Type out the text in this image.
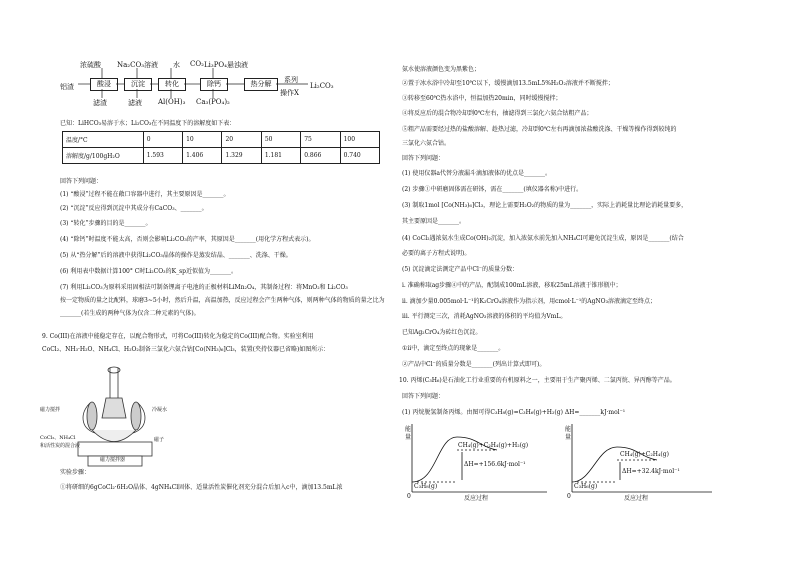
浓硫酸 Na₂CO₃溶液 水 CO₂ Li₃PO₄悬浊液
铝渣	酸浸	沉淀	转化	除钙	热分解	系列
操作X
Li₂CO₃
滤渣	滤液 Al(OH)₃ Ca₃(PO₄)₂
已知：LiHCO₃易溶于水；Li₂CO₃在不同温度下的溶解度如下表：
温度/°C	0	10	20	50	75	100
溶解度/g/100gH₂O	1.593	1.406	1.329	1.181	0.866	0.740
回答下列问题：
(1) “酸浸”过程不能在敞口容器中进行，其主要原因是_______。
(2) “沉淀”反应得到沉淀中其成分有CaCO₃、_______。
(3) “转化”步骤的目的是_______。
(4) “除钙”时温度不能太高，否则会影响Li₂CO₃的产率，其原因是_______(用化学方程式表示)。
(5) 从“热分解”后的溶液中获得Li₂CO₃晶体的操作是蒸发结晶、_______、洗涤、干燥。
(6) 利用表中数据计算100° C时Li₂CO₃的K_sp近似值为_______。
(7) 利用Li₂CO₃为原料采用固相法可制备锂离子电池的正极材料LiMn₂O₄，其制备过程：将MnO₂和 Li₂CO₃
按一定物质的量之比配料，球磨3~5小时，然后升温，高温加热，反应过程会产生两种气体，则两种气体的物质的量之比为
_______(若生成的两种气体为仅含二种元素的气体)。
9. Co(III)在溶液中能稳定存在，以配合物形式，可将Co(III)转化为稳定的Co(III)配合物。实验室利用
CoCl₂、NH₃·H₂O、NH₄Cl、H₂O₂制备三氯化六氨合钴[Co(NH₃)₆]Cl₃，装置(夹持仪器已省略)如图所示：
磁力搅拌	冷凝水
磁子
CoCl₂、NH₄Cl
和活性炭的混合液
磁力搅拌器
实验步骤：
①将研细的6gCoCl₂·6H₂O晶体、4gNH₄Cl固体、适量活性炭催化剂充分混合后加入c中，滴加13.5mL浓
氨水使溶液颜色变为黑紫色；
②置于冰水浴中冷却至10℃以下，缓慢滴加13.5mL5%H₂O₂溶液并不断搅拌；
③转移至60℃热水浴中，恒温加热20min，同时缓慢搅拌；
④将反应后的混合物冷却到0℃左右，抽滤得到三氯化六氨合钴粗产品；
⑤粗产品需要经过热的盐酸溶解、趁热过滤，冷却到0℃左右再滴加浓盐酸洗涤、干燥等操作得到较纯的
三氯化六氨合钴。
回答下列问题：
(1) 使用仪器a代替分液漏斗滴加液体的优点是_______。
(2) 步骤①中研磨固体需在研钵，需在_______(填仪器名称)中进行。
(3) 制取1mol [Co(NH₃)₆]Cl₃，理论上需要H₂O₂的物质的量为_______，实际上消耗量比理论消耗量要多，
其主要原因是_______。
(4) CoCl₂遇浓氨水生成Co(OH)₂沉淀，加入浓氨水前先加入NH₄Cl可避免沉淀生成，原因是_______(结合
必要的离子方程式说明)。
(5) 沉淀滴定法测定产品中Cl⁻的质量分数：
i. 准确称取ag步骤④中的产品，配制成100mL溶液，移取25mL溶液于锥形瓶中；
ii. 滴加少量0.005mol·L⁻¹的K₂CrO₄溶液作为指示剂，用cmol·L⁻¹的AgNO₃溶液滴定至终点；
iii. 平行测定三次，消耗AgNO₃溶液的体积的平均值为VmL。
已知Ag₂CrO₄为砖红色沉淀。
①ii中，滴定至终点的现象是_______。
②产品中Cl⁻的质量分数是_______(列出计算式即可)。
10. 丙烯(C₃H₆)是石油化工行业重要的有机原料之一，主要用于生产聚丙烯、二氯丙烷、异丙醇等产品。
回答下列问题：
(1) 丙烷脱氢制备丙烯。由图可得C₃H₈(g)=C₃H₆(g)+H₂(g) ΔH=_______kJ·mol⁻¹
能
量
CH₄(g)+C₂H₄(g)+H₂(g)
ΔH=+156.6kJ·mol⁻¹
C₃H₈(g)
0	反应过程
能
量
CH₄(g)+C₂H₄(g)
ΔH=+32.4kJ·mol⁻¹
C₃H₆(g)
0	反应过程
